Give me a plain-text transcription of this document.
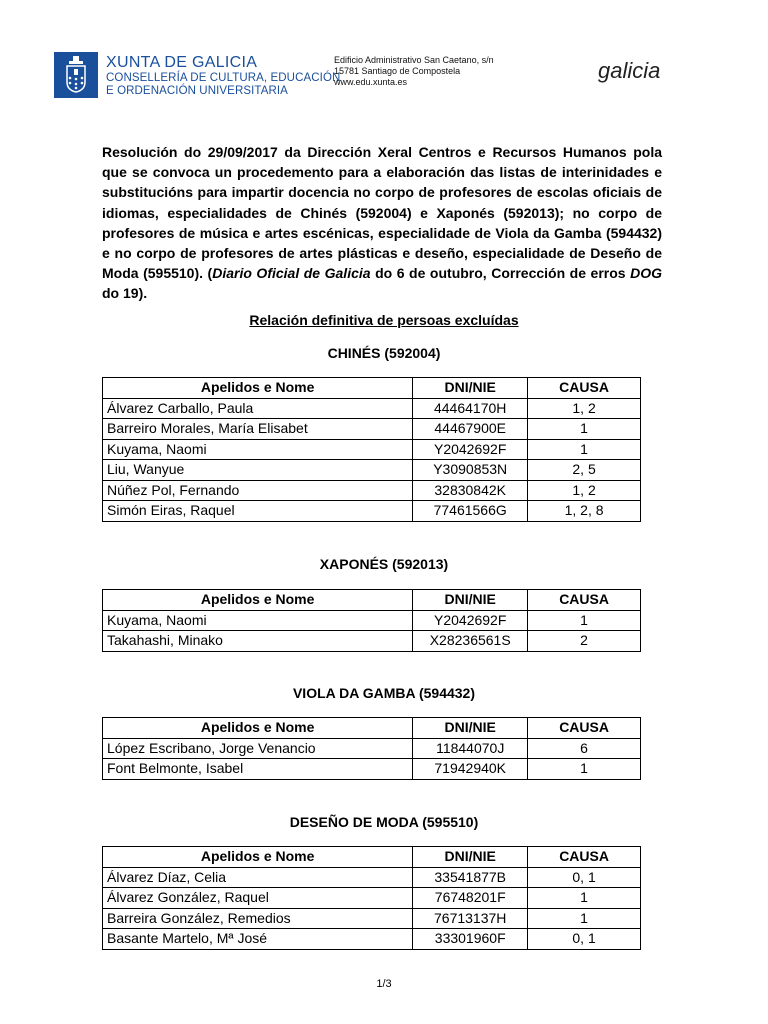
XUNTA DE GALICIA
CONSELLERÍA DE CULTURA, EDUCACIÓN
E ORDENACIÓN UNIVERSITARIA
Edificio Administrativo San Caetano, s/n
15781 Santiago de Compostela
www.edu.xunta.es	galicia
Resolución do 29/09/2017 da Dirección Xeral Centros e Recursos Humanos pola que se convoca un procedemento para a elaboración das listas de interinidades e substitucións para impartir docencia no corpo de profesores de escolas oficiais de idiomas, especialidades de Chinés (592004) e Xaponés (592013); no corpo de profesores de música e artes escénicas, especialidade de Viola da Gamba (594432) e no corpo de profesores de artes plásticas e deseño, especialidade de Deseño de Moda (595510). (Diario Oficial de Galicia do 6 de outubro, Corrección de erros DOG do 19).
Relación definitiva de persoas excluídas
CHINÉS (592004)
Apelidos e Nome	DNI/NIE	CAUSA
Álvarez Carballo, Paula	44464170H	1, 2
Barreiro Morales, María Elisabet	44467900E	1
Kuyama, Naomi	Y2042692F	1
Liu, Wanyue	Y3090853N	2, 5
Núñez Pol, Fernando	32830842K	1, 2
Simón Eiras, Raquel	77461566G	1, 2, 8
XAPONÉS (592013)
Apelidos e Nome	DNI/NIE	CAUSA
Kuyama, Naomi	Y2042692F	1
Takahashi, Minako	X28236561S	2
VIOLA DA GAMBA (594432)
Apelidos e Nome	DNI/NIE	CAUSA
López Escribano, Jorge Venancio	11844070J	6
Font Belmonte, Isabel	71942940K	1
DESEÑO DE MODA (595510)
Apelidos e Nome	DNI/NIE	CAUSA
Álvarez Díaz, Celia	33541877B	0, 1
Álvarez González, Raquel	76748201F	1
Barreira González, Remedios	76713137H	1
Basante Martelo, Mª José	33301960F	0, 1
1/3
